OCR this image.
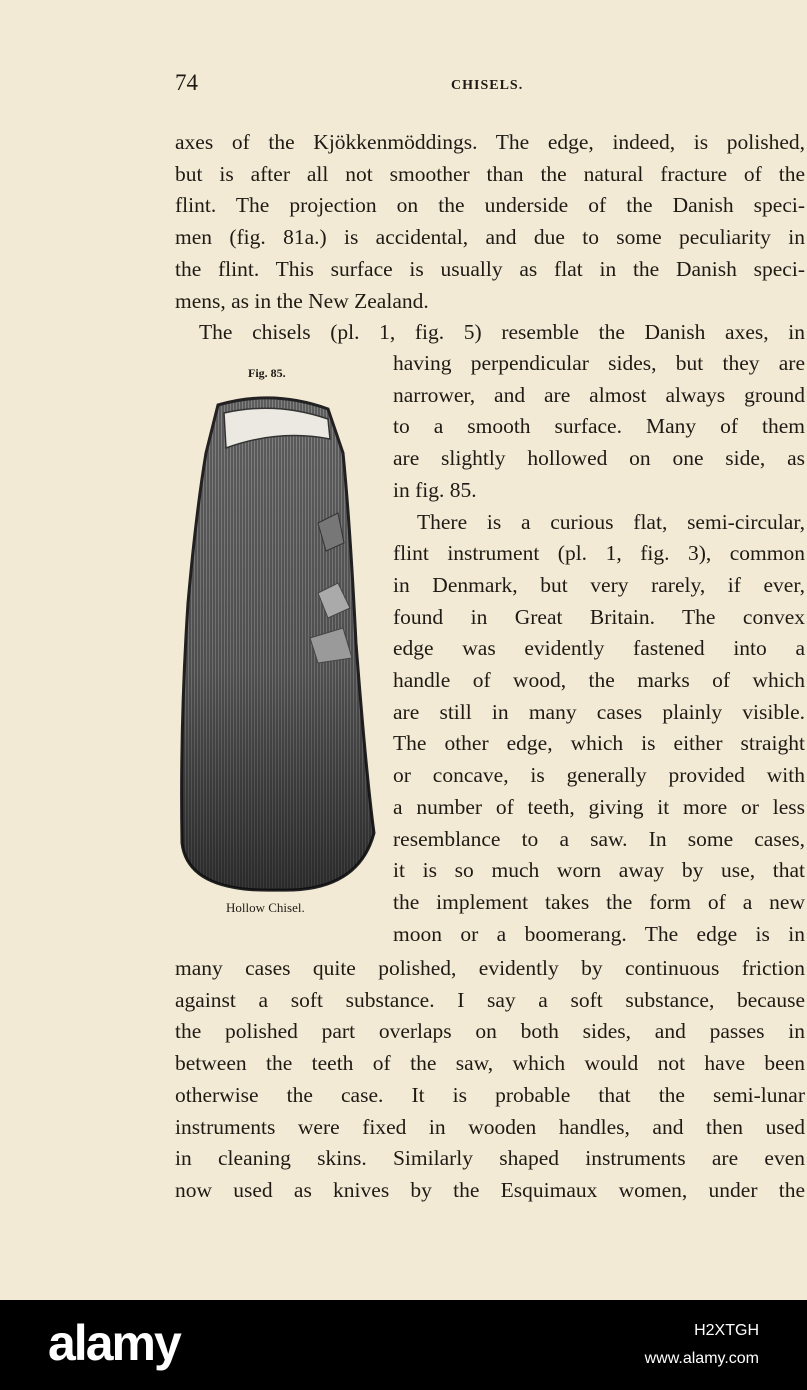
74	CHISELS.
axes of the Kjökkenmöddings. The edge, indeed, is polished,
but is after all not smoother than the natural fracture of the
flint. The projection on the underside of the Danish speci-
men (fig. 81a.) is accidental, and due to some peculiarity in
the flint. This surface is usually as flat in the Danish speci-
mens, as in the New Zealand.
The chisels (pl. 1, fig. 5) resemble the Danish axes, in
having perpendicular sides, but they are
narrower, and are almost always ground
to a smooth surface. Many of them
are slightly hollowed on one side, as
in fig. 85.
There is a curious flat, semi-circular,
flint instrument (pl. 1, fig. 3), common
in Denmark, but very rarely, if ever,
found in Great Britain. The convex
edge was evidently fastened into a
handle of wood, the marks of which
are still in many cases plainly visible.
The other edge, which is either straight
or concave, is generally provided with
a number of teeth, giving it more or less
resemblance to a saw. In some cases,
it is so much worn away by use, that
the implement takes the form of a new
moon or a boomerang. The edge is in
many cases quite polished, evidently by continuous friction
against a soft substance. I say a soft substance, because
the polished part overlaps on both sides, and passes in
between the teeth of the saw, which would not have been
otherwise the case. It is probable that the semi-lunar
instruments were fixed in wooden handles, and then used
in cleaning skins. Similarly shaped instruments are even
now used as knives by the Esquimaux women, under the
Fig. 85.
Hollow Chisel.
alamy	H2XTGH
www.alamy.com
